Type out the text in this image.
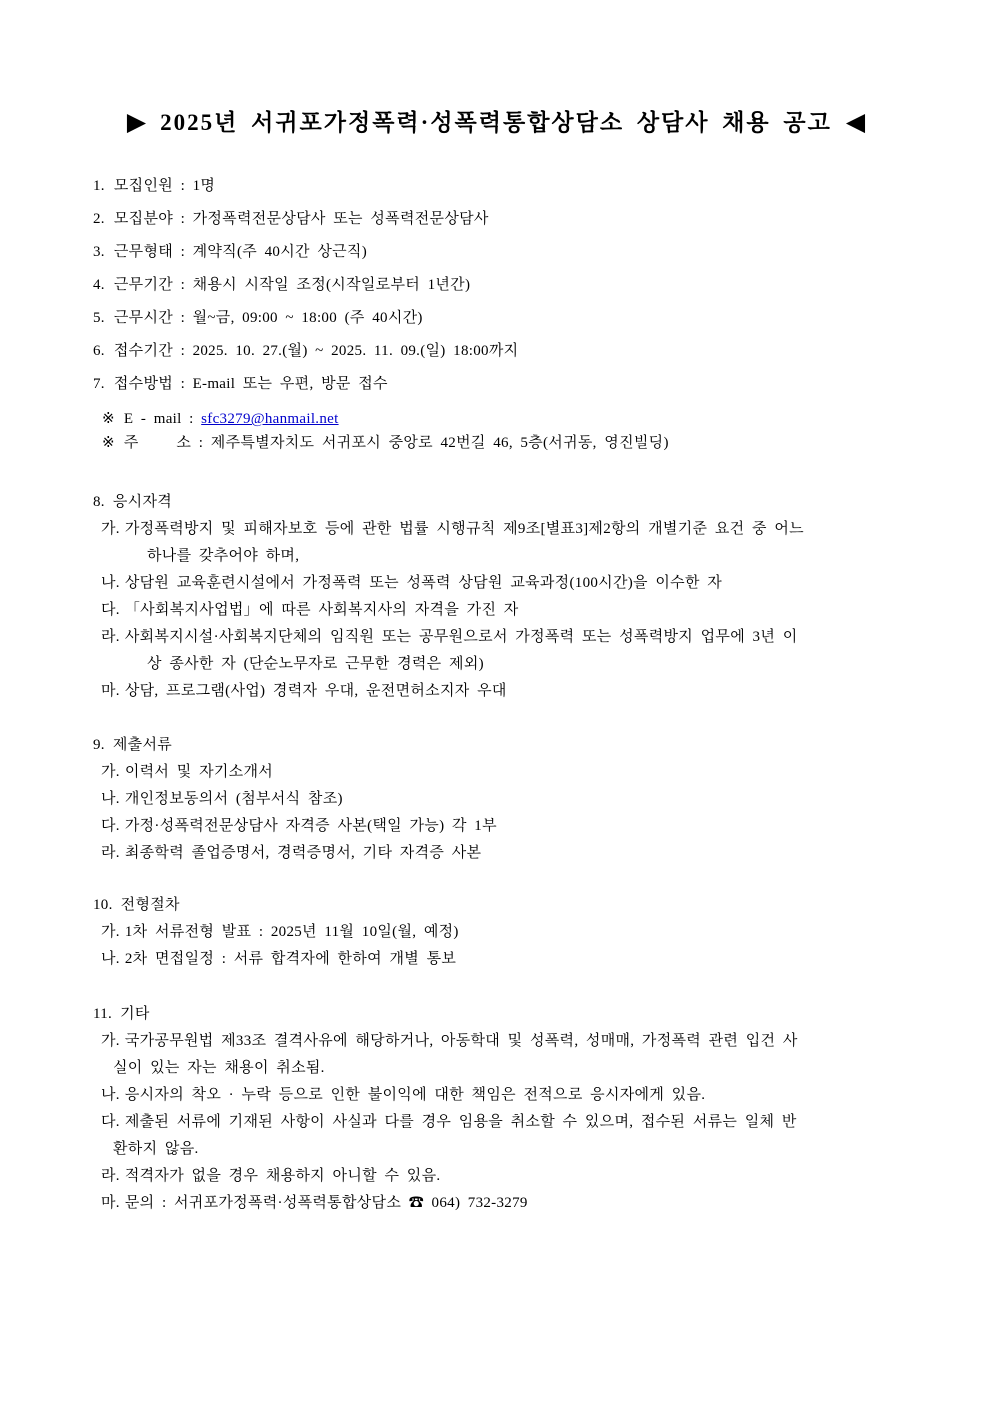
▶ 2025년 서귀포가정폭력·성폭력통합상담소 상담사 채용 공고 ◀
1. 모집인원 : 1명
2. 모집분야 : 가정폭력전문상담사 또는 성폭력전문상담사
3. 근무형태 : 계약직(주 40시간 상근직)
4. 근무기간 : 채용시 시작일 조정(시작일로부터 1년간)
5. 근무시간 : 월~금, 09:00 ~ 18:00 (주 40시간)
6. 접수기간 : 2025. 10. 27.(월) ~ 2025. 11. 09.(일) 18:00까지
7. 접수방법 : E-mail 또는 우편, 방문 접수
※ E - mail : sfc3279@hanmail.net
※ 주     소 : 제주특별자치도 서귀포시 중앙로 42번길 46, 5층(서귀동, 영진빌딩)
8. 응시자격
가. 가정폭력방지 및 피해자보호 등에 관한 법률 시행규칙 제9조[별표3]제2항의 개별기준 요건 중 어느
하나를 갖추어야 하며,
나. 상담원 교육훈련시설에서 가정폭력 또는 성폭력 상담원 교육과정(100시간)을 이수한 자
다. 「사회복지사업법」에 따른 사회복지사의 자격을 가진 자
라. 사회복지시설·사회복지단체의 임직원 또는 공무원으로서 가정폭력 또는 성폭력방지 업무에 3년 이
상 종사한 자 (단순노무자로 근무한 경력은 제외)
마. 상담, 프로그램(사업) 경력자 우대, 운전면허소지자 우대
9. 제출서류
가. 이력서 및 자기소개서
나. 개인정보동의서 (첨부서식 참조)
다. 가정·성폭력전문상담사 자격증 사본(택일 가능) 각 1부
라. 최종학력 졸업증명서, 경력증명서, 기타 자격증 사본
10. 전형절차
가. 1차 서류전형 발표 : 2025년 11월 10일(월, 예정)
나. 2차 면접일정 : 서류 합격자에 한하여 개별 통보
11. 기타
가. 국가공무원법 제33조 결격사유에 해당하거나, 아동학대 및 성폭력, 성매매, 가정폭력 관련 입건 사
실이 있는 자는 채용이 취소됨.
나. 응시자의 착오 · 누락 등으로 인한 불이익에 대한 책임은 전적으로 응시자에게 있음.
다. 제출된 서류에 기재된 사항이 사실과 다를 경우 임용을 취소할 수 있으며, 접수된 서류는 일체 반
환하지 않음.
라. 적격자가 없을 경우 채용하지 아니할 수 있음.
마. 문의 : 서귀포가정폭력·성폭력통합상담소 ☎ 064) 732-3279
